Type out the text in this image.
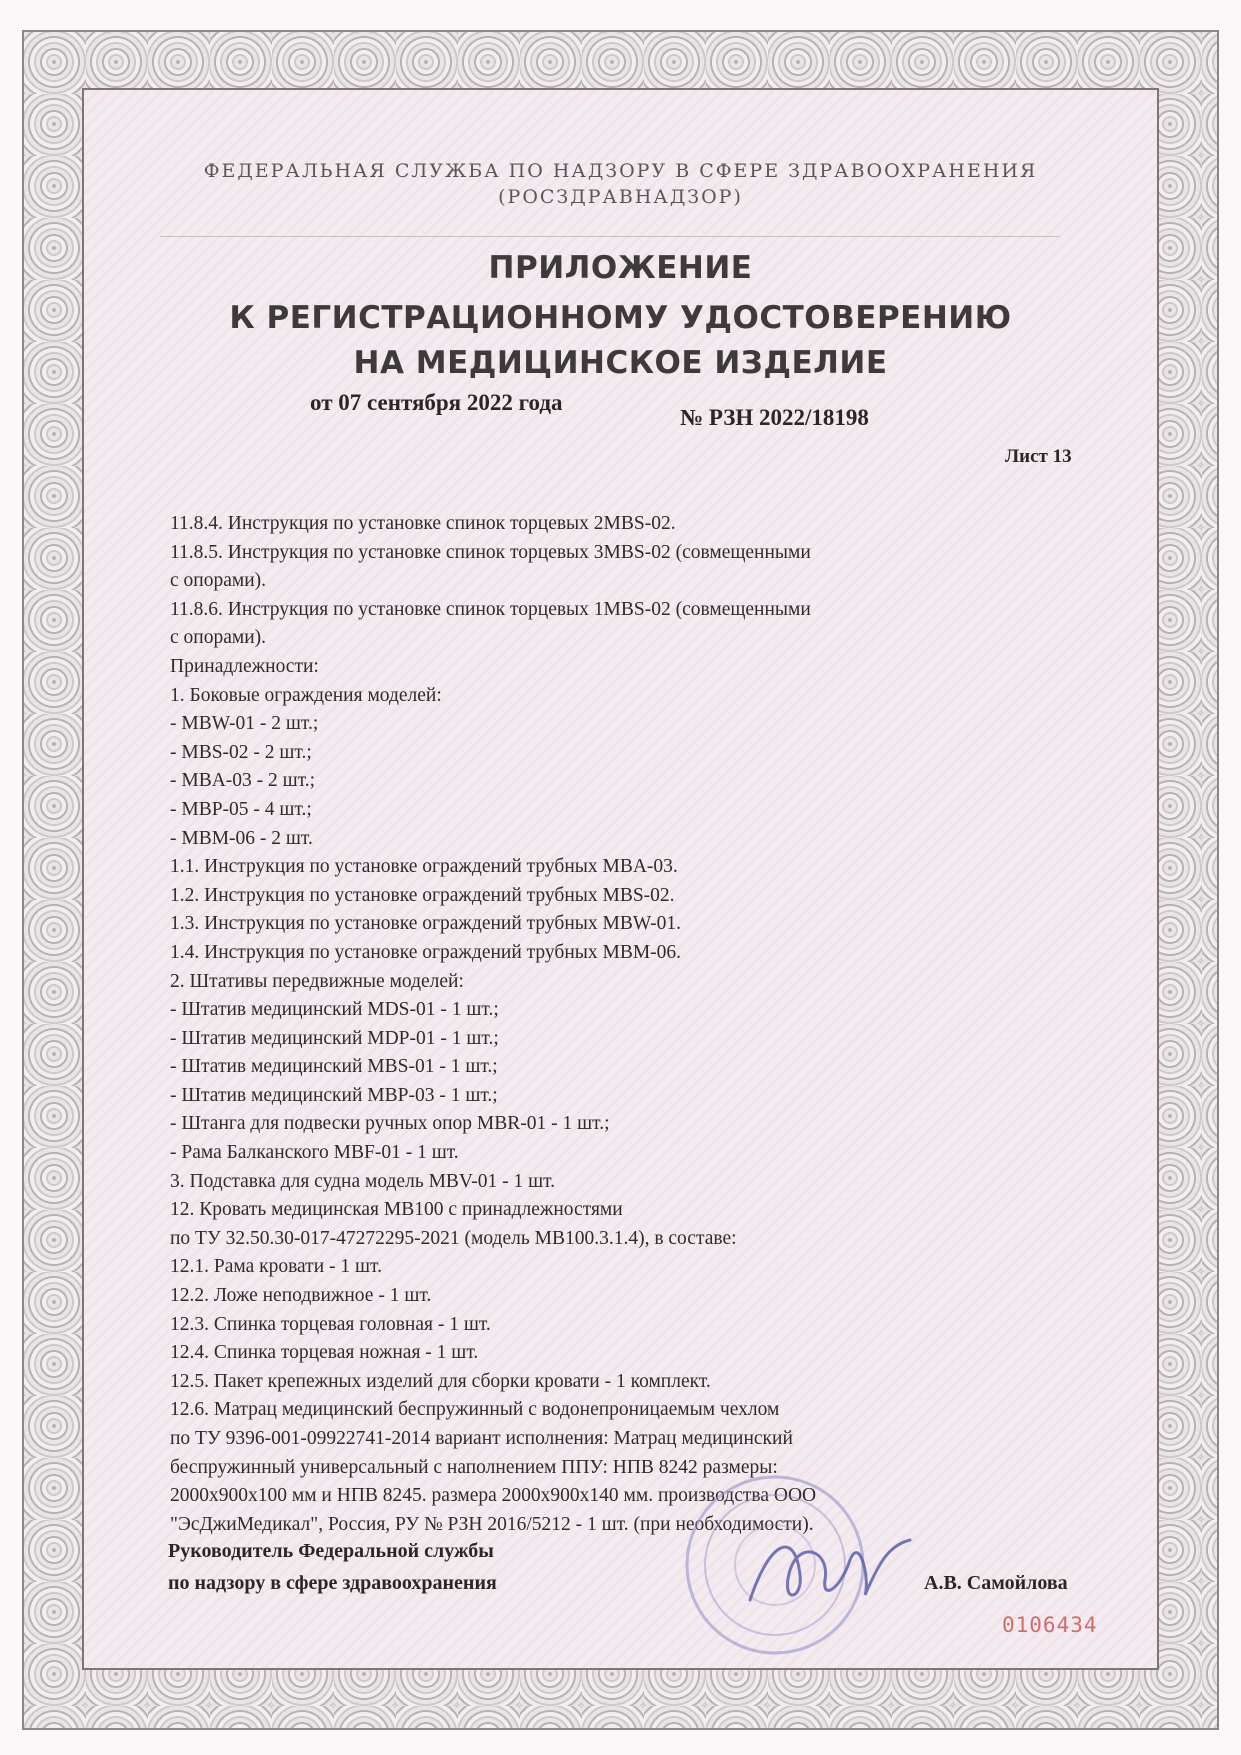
ФЕДЕРАЛЬНАЯ СЛУЖБА ПО НАДЗОРУ В СФЕРЕ ЗДРАВООХРАНЕНИЯ
(РОСЗДРАВНАДЗОР)
ПРИЛОЖЕНИЕ
К РЕГИСТРАЦИОННОМУ УДОСТОВЕРЕНИЮ
НА МЕДИЦИНСКОЕ ИЗДЕЛИЕ
от 07 сентября 2022 года
№ РЗН 2022/18198
Лист 13
11.8.4. Инструкция по установке спинок торцевых 2MBS-02.
11.8.5. Инструкция по установке спинок торцевых 3MBS-02 (совмещенными
с опорами).
11.8.6. Инструкция по установке спинок торцевых 1MBS-02 (совмещенными
с опорами).
Принадлежности:
1. Боковые ограждения моделей:
- MBW-01 - 2 шт.;
- MBS-02 - 2 шт.;
- MBA-03 - 2 шт.;
- MBP-05 - 4 шт.;
- MBM-06 - 2 шт.
1.1. Инструкция по установке ограждений трубных MBA-03.
1.2. Инструкция по установке ограждений трубных MBS-02.
1.3. Инструкция по установке ограждений трубных MBW-01.
1.4. Инструкция по установке ограждений трубных MBM-06.
2. Штативы передвижные моделей:
- Штатив медицинский MDS-01 - 1 шт.;
- Штатив медицинский MDP-01 - 1 шт.;
- Штатив медицинский MBS-01 - 1 шт.;
- Штатив медицинский MBP-03 - 1 шт.;
- Штанга для подвески ручных опор MBR-01 - 1 шт.;
- Рама Балканского MBF-01 - 1 шт.
3. Подставка для судна модель MBV-01 - 1 шт.
12. Кровать медицинская MB100 с принадлежностями
по ТУ 32.50.30-017-47272295-2021 (модель MB100.3.1.4), в составе:
12.1. Рама кровати - 1 шт.
12.2. Ложе неподвижное - 1 шт.
12.3. Спинка торцевая головная - 1 шт.
12.4. Спинка торцевая ножная - 1 шт.
12.5. Пакет крепежных изделий для сборки кровати - 1 комплект.
12.6. Матрац медицинский беспружинный с водонепроницаемым чехлом
по ТУ 9396-001-09922741-2014 вариант исполнения: Матрац медицинский
беспружинный универсальный с наполнением ППУ: НПВ 8242 размеры:
2000х900х100 мм и НПВ 8245. размера 2000х900х140 мм. производства ООО
"ЭсДжиМедикал", Россия, РУ № РЗН 2016/5212 - 1 шт. (при необходимости).
Руководитель Федеральной службы
по надзору в сфере здравоохранения	А.В. Самойлова
0106434
